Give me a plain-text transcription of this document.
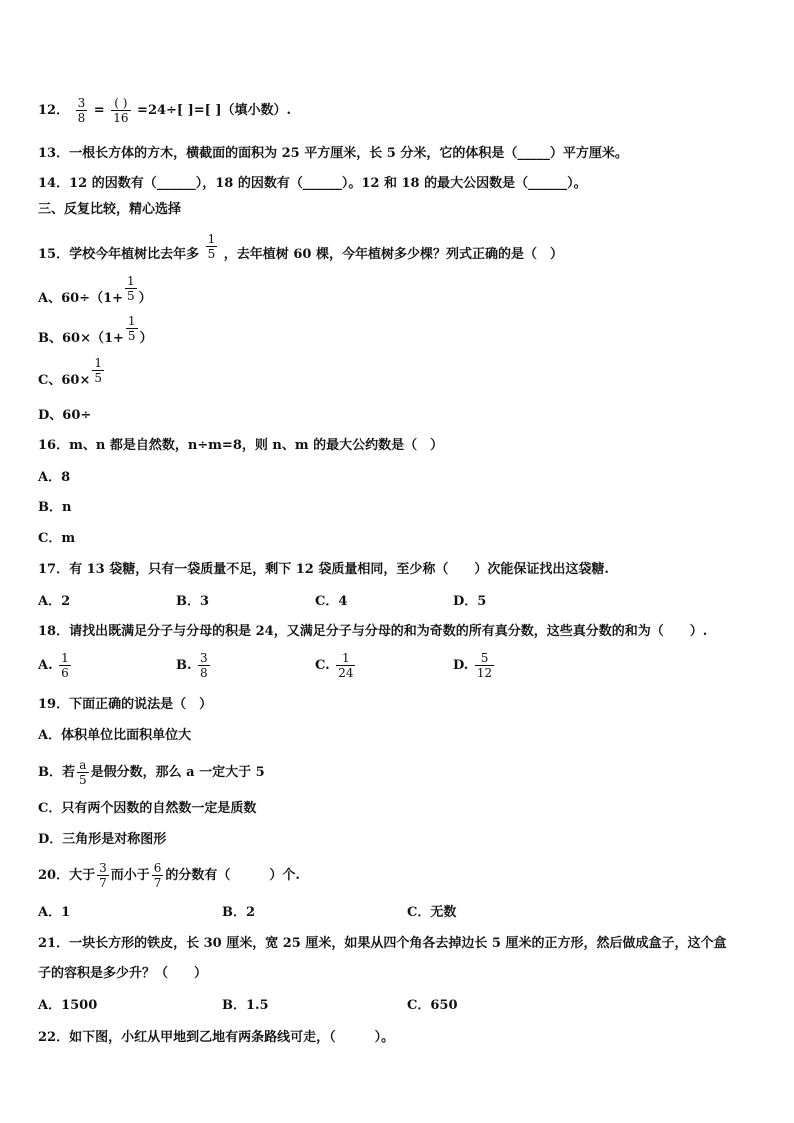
12． $\frac{3}{8} = \frac{( )}{16} =24\div$[ ]=[ ]（填小数）.
13．一根长方体的方木，横截面的面积为 25 平方厘米，长 5 分米，它的体积是（_____）平方厘米。
14．12 的因数有（______），18 的因数有（______）。12 和 18 的最大公因数是（______）。
三、反复比较，精心选择
15．学校今年植树比去年多 $\frac{1}{5}$ ，去年植树 60 棵，今年植树多少棵？列式正确的是（　）
A、$60\div(1+ \frac{1}{5}$ ）
B、$60\times(1+ \frac{1}{5}$ ）
C、$60\times \frac{1}{5}$
D、60÷
16．m、n 都是自然数，n÷m=8，则 n、m 的最大公约数是（　）
A．8
B．n
C．m
17．有 13 袋糖，只有一袋质量不足，剩下 12 袋质量相同，至少称（　　）次能保证找出这袋糖.
A．2	B．3	C．4	D．5
18．请找出既满足分子与分母的积是 24，又满足分子与分母的和为奇数的所有真分数，这些真分数的和为（　　）.
A. $\frac{1}{6}$	B. $\frac{3}{8}$	C. $\frac{1}{24}$	D. $\frac{5}{12}$
19．下面正确的说法是（　）
A．体积单位比面积单位大
B．若 $\frac{a}{5}$ 是假分数，那么 a 一定大于 5
C．只有两个因数的自然数一定是质数
D．三角形是对称图形
20．大于 $\frac{3}{7}$ 而小于 $\frac{6}{7}$ 的分数有（　　　）个.
A．1	B．2	C．无数
21．一块长方形的铁皮，长 30 厘米，宽 25 厘米，如果从四个角各去掉边长 5 厘米的正方形，然后做成盒子，这个盒
子的容积是多少升？（　　）
A．1500	B．1.5	C．650
22．如下图，小红从甲地到乙地有两条路线可走，（　　　）。
